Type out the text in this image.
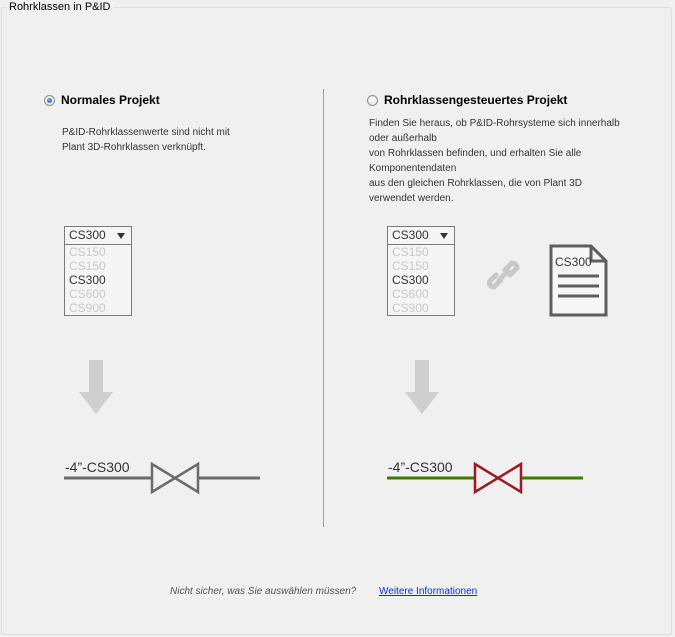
Rohrklassen in P&ID
Normales Projekt
P&ID-Rohrklassenwerte sind nicht mit
Plant 3D-Rohrklassen verknüpft.
CS300
CS150
CS150
CS300
CS600
CS900
-4”-CS300
Rohrklassengesteuertes Projekt
Finden Sie heraus, ob P&ID-Rohrsysteme sich innerhalb
oder außerhalb
von Rohrklassen befinden, und erhalten Sie alle
Komponentendaten
aus den gleichen Rohrklassen, die von Plant 3D
verwendet werden.
CS300
CS150
CS150
CS300
CS600
CS900
CS300
-4”-CS300
Nicht sicher, was Sie auswählen müssen? Weitere Informationen
